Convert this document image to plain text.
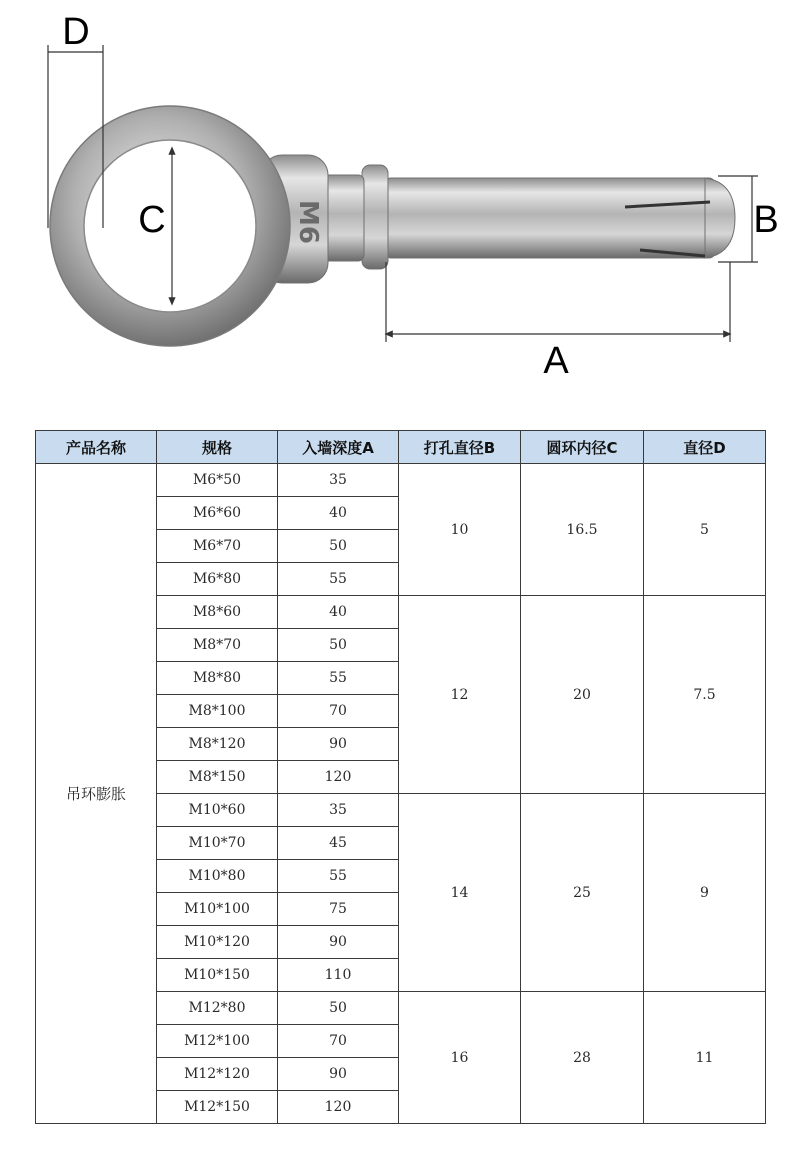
M6
D
C	B
A
产品名称	规格	入墙深度A	打孔直径B	圆环内径C	直径D
吊环膨胀	M6*50	35	10	16.5	5
	M6*60	40			
	M6*70	50			
	M6*80	55			
	M8*60	40	12	20	7.5
	M8*70	50			
	M8*80	55			
	M8*100	70			
	M8*120	90			
	M8*150	120			
	M10*60	35	14	25	9
	M10*70	45			
	M10*80	55			
	M10*100	75			
	M10*120	90			
	M10*150	110			
	M12*80	50	16	28	11
	M12*100	70			
	M12*120	90			
	M12*150	120			
